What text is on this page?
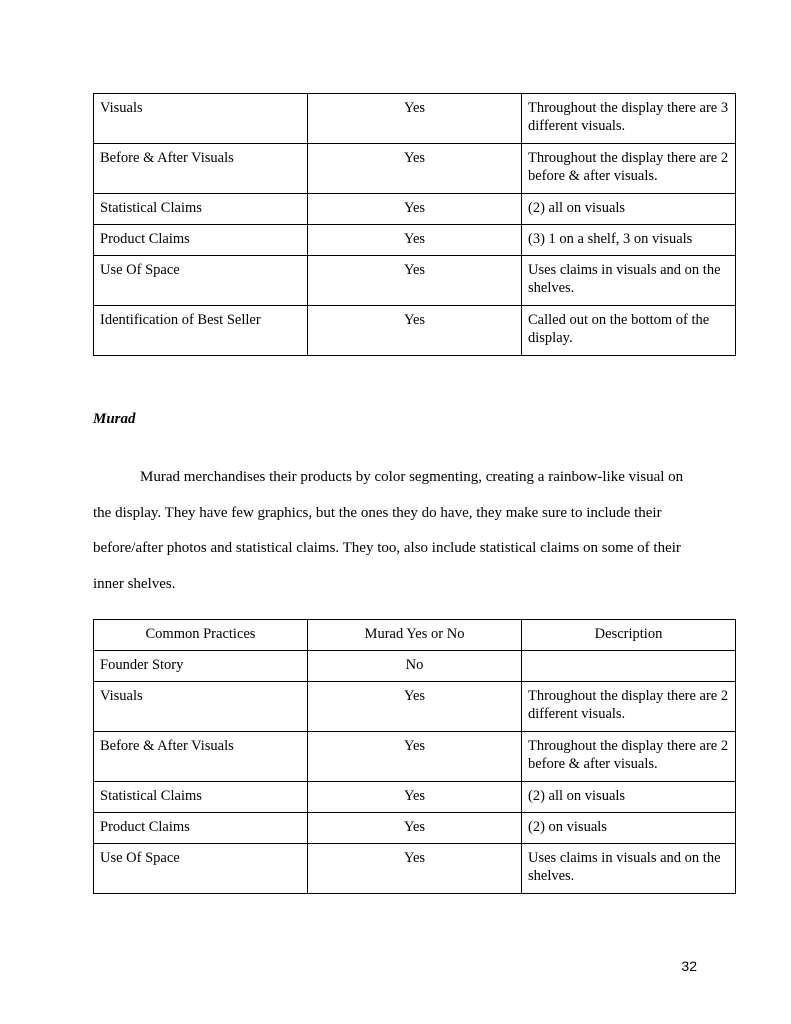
Visuals	Yes	Throughout the display there are 3 different visuals.
Before & After Visuals	Yes	Throughout the display there are 2 before & after visuals.
Statistical Claims	Yes	(2) all on visuals
Product Claims	Yes	(3) 1 on a shelf, 3 on visuals
Use Of Space	Yes	Uses claims in visuals and on the shelves.
Identification of Best Seller	Yes	Called out on the bottom of the display.
Murad

Murad merchandises their products by color segmenting, creating a rainbow-like visual on the display. They have few graphics, but the ones they do have, they make sure to include their before/after photos and statistical claims. They too, also include statistical claims on some of their inner shelves.

Common Practices	Murad Yes or No	Description
Founder Story	No	
Visuals	Yes	Throughout the display there are 2 different visuals.
Before & After Visuals	Yes	Throughout the display there are 2 before & after visuals.
Statistical Claims	Yes	(2) all on visuals
Product Claims	Yes	(2) on visuals
Use Of Space	Yes	Uses claims in visuals and on the shelves.
32
